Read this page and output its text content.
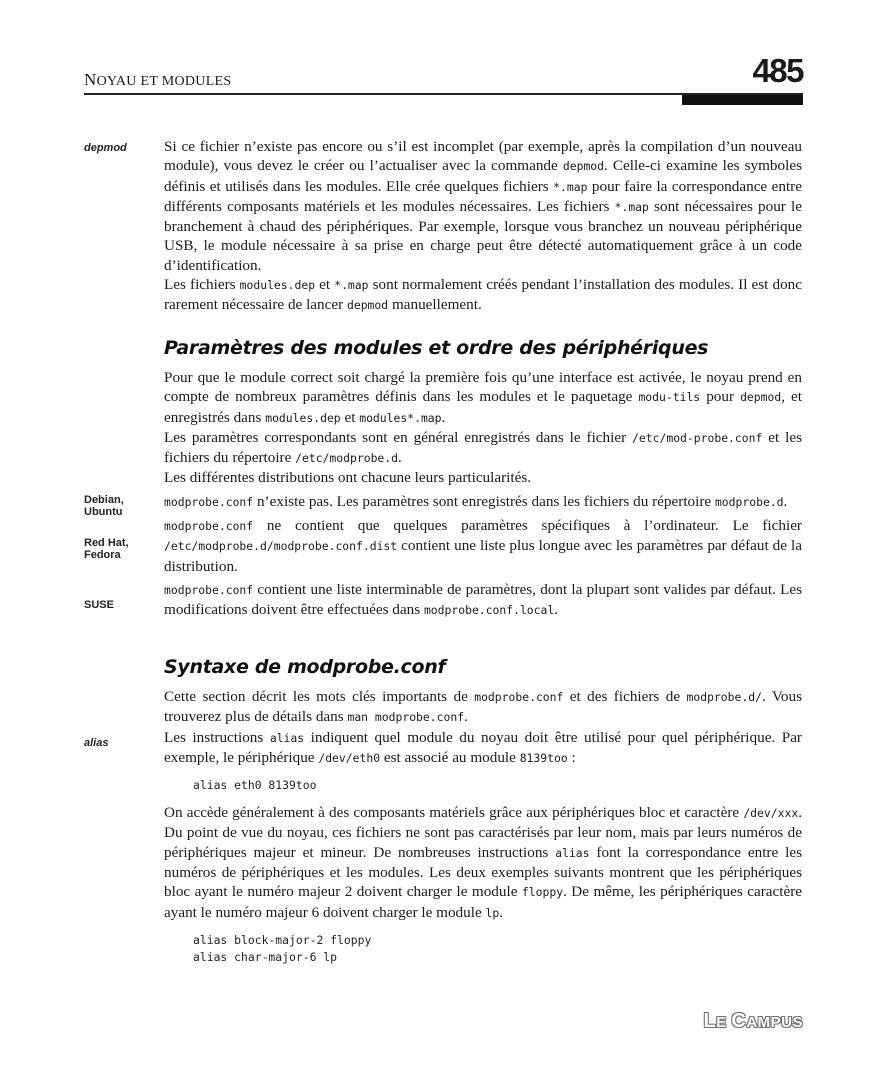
NOYAU ET MODULES	485
depmod	Si ce fichier n’existe pas encore ou s’il est incomplet (par exemple, après la compilation d’un nouveau module), vous devez le créer ou l’actualiser avec la commande depmod. Celle-ci examine les symboles définis et utilisés dans les modules. Elle crée quelques fichiers *.map pour faire la correspondance entre différents composants matériels et les modules nécessaires. Les fichiers *.map sont nécessaires pour le branchement à chaud des périphériques. Par exemple, lorsque vous branchez un nouveau périphérique USB, le module nécessaire à sa prise en charge peut être détecté automatiquement grâce à un code d’identification.

Les fichiers modules.dep et *.map sont normalement créés pendant l’installation des modules. Il est donc rarement nécessaire de lancer depmod manuellement.

Paramètres des modules et ordre des périphériques

Pour que le module correct soit chargé la première fois qu’une interface est activée, le noyau prend en compte de nombreux paramètres définis dans les modules et le paquetage modu-tils pour depmod, et enregistrés dans modules.dep et modules*.map.

Les paramètres correspondants sont en général enregistrés dans le fichier /etc/mod-probe.conf et les fichiers du répertoire /etc/modprobe.d.

Les différentes distributions ont chacune leurs particularités.

modprobe.conf n’existe pas. Les paramètres sont enregistrés dans les fichiers du répertoire modprobe.d.

modprobe.conf ne contient que quelques paramètres spécifiques à l’ordinateur. Le fichier /etc/modprobe.d/modprobe.conf.dist contient une liste plus longue avec les paramètres par défaut de la distribution.

modprobe.conf contient une liste interminable de paramètres, dont la plupart sont valides par défaut. Les modifications doivent être effectuées dans modprobe.conf.local.

Debian, Ubuntu
Red Hat, Fedora
SUSE
Syntaxe de modprobe.conf

Cette section décrit les mots clés importants de modprobe.conf et des fichiers de modprobe.d/. Vous trouverez plus de détails dans man modprobe.conf.

Les instructions alias indiquent quel module du noyau doit être utilisé pour quel périphérique. Par exemple, le périphérique /dev/eth0 est associé au module 8139too :

alias eth0 8139too

On accède généralement à des composants matériels grâce aux périphériques bloc et caractère /dev/xxx. Du point de vue du noyau, ces fichiers ne sont pas caractérisés par leur nom, mais par leurs numéros de périphériques majeur et mineur. De nombreuses instructions alias font la correspondance entre les numéros de périphériques et les modules. Les deux exemples suivants montrent que les périphériques bloc ayant le numéro majeur 2 doivent charger le module floppy. De même, les périphériques caractère ayant le numéro majeur 6 doivent charger le module lp.

alias block-major-2 floppy
alias char-major-6 lp
alias
LE CAMPUS
